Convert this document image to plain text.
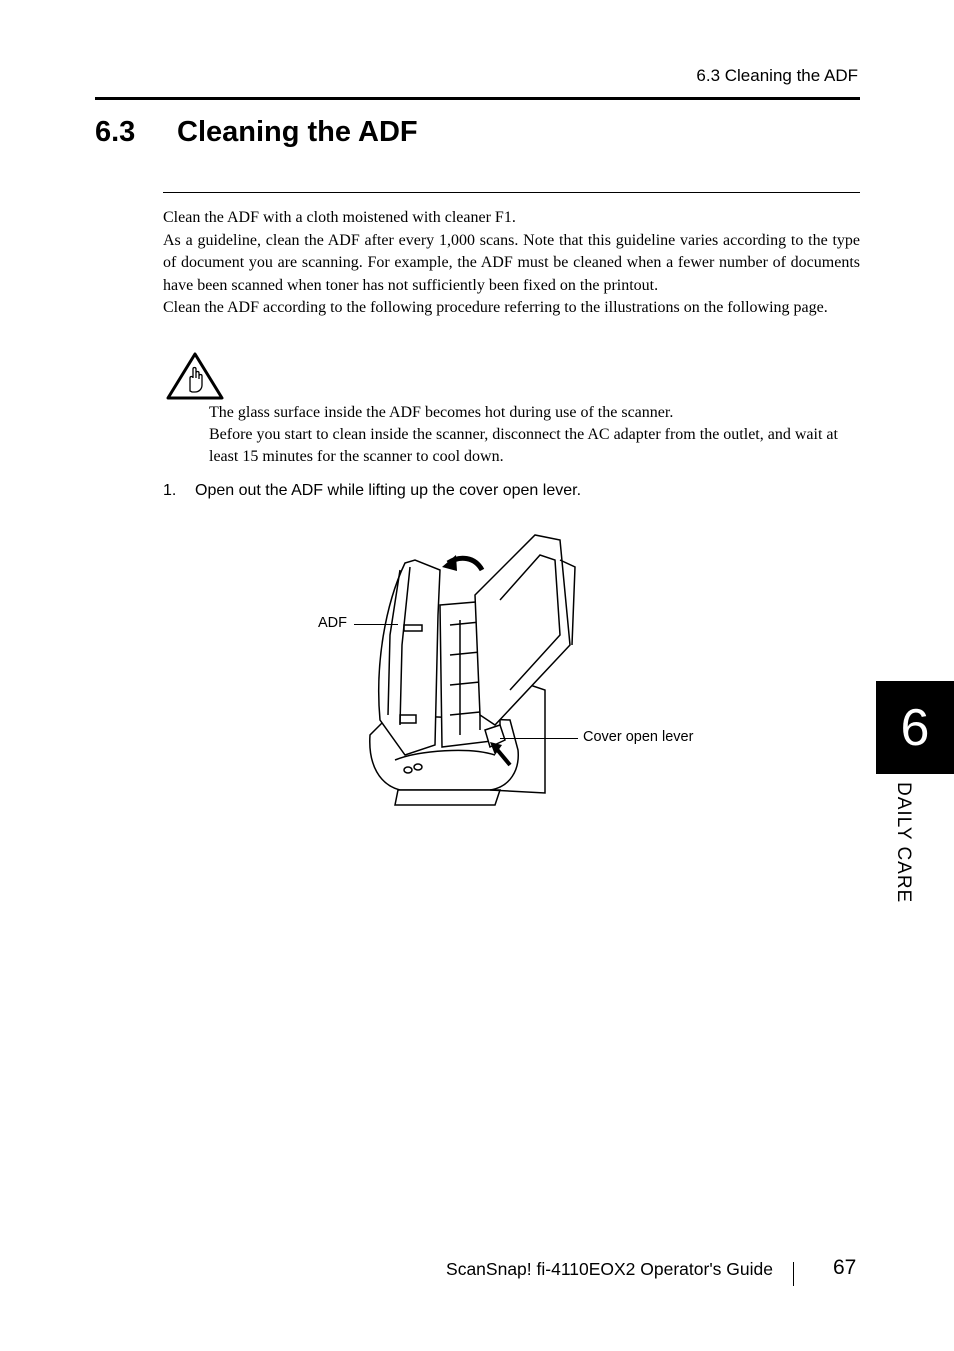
6.3 Cleaning the ADF
6.3 Cleaning the ADF

Clean the ADF with a cloth moistened with cleaner F1.

As a guideline, clean the ADF after every 1,000 scans. Note that this guideline varies according to the type of document you are scanning. For example, the ADF must be cleaned when a fewer number of documents have been scanned when toner has not sufficiently been fixed on the printout.

Clean the ADF according to the following procedure referring to the illustrations on the following page.

The glass surface inside the ADF becomes hot during use of the scanner.

Before you start to clean inside the scanner, disconnect the AC adapter from the outlet, and wait at least 15 minutes for the scanner to cool down.

1. Open out the ADF while lifting up the cover open lever.
ADF
Cover open lever	6
DAILY CARE
ScanSnap! fi-4110EOX2 Operator's Guide	67
